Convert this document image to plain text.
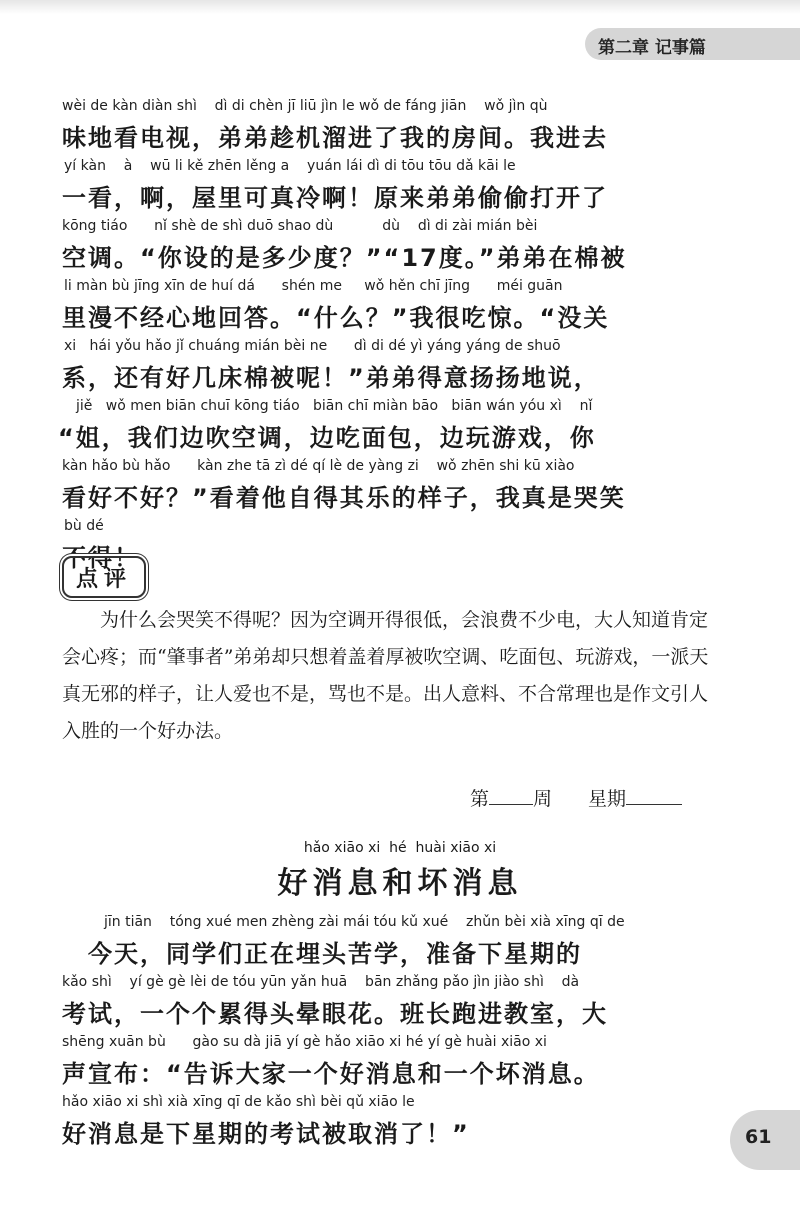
第二章 记事篇
wèi de kàn diàn shì    dì di chèn jī liū jìn le wǒ de fáng jiān    wǒ jìn qù
味地看电视，弟弟趁机溜进了我的房间。我进去
yí kàn    à    wū li kě zhēn lěng a    yuán lái dì di tōu tōu dǎ kāi le
一看，啊，屋里可真冷啊！原来弟弟偷偷打开了
kōng tiáo      nǐ shè de shì duō shao dù           dù    dì di zài mián bèi
空调。“你设的是多少度？”“17度。”弟弟在棉被
li màn bù jīng xīn de huí dá      shén me     wǒ hěn chī jīng      méi guān
里漫不经心地回答。“什么？”我很吃惊。“没关
xi   hái yǒu hǎo jǐ chuáng mián bèi ne      dì di dé yì yáng yáng de shuō
系，还有好几床棉被呢！”弟弟得意扬扬地说，
jiě   wǒ men biān chuī kōng tiáo   biān chī miàn bāo   biān wán yóu xì    nǐ
“姐，我们边吹空调，边吃面包，边玩游戏，你
kàn hǎo bù hǎo      kàn zhe tā zì dé qí lè de yàng zi    wǒ zhēn shi kū xiào
看好不好？”看着他自得其乐的样子，我真是哭笑
bù dé
不得！
点评

为什么会哭笑不得呢？因为空调开得很低，会浪费不少电，大人知道肯定会心疼；而“肇事者”弟弟却只想着盖着厚被吹空调、吃面包、玩游戏，一派天真无邪的样子，让人爱也不是，骂也不是。出人意料、不合常理也是作文引人入胜的一个好办法。

第 周 星期
hǎo xiāo xi  hé  huài xiāo xi
好消息和坏消息
jīn tiān    tóng xué men zhèng zài mái tóu kǔ xué    zhǔn bèi xià xīng qī de
　今天，同学们正在埋头苦学，准备下星期的
kǎo shì    yí gè gè lèi de tóu yūn yǎn huā    bān zhǎng pǎo jìn jiào shì    dà
考试，一个个累得头晕眼花。班长跑进教室，大
shēng xuān bù      gào su dà jiā yí gè hǎo xiāo xi hé yí gè huài xiāo xi
声宣布：“告诉大家一个好消息和一个坏消息。
hǎo xiāo xi shì xià xīng qī de kǎo shì bèi qǔ xiāo le
好消息是下星期的考试被取消了！”	61
